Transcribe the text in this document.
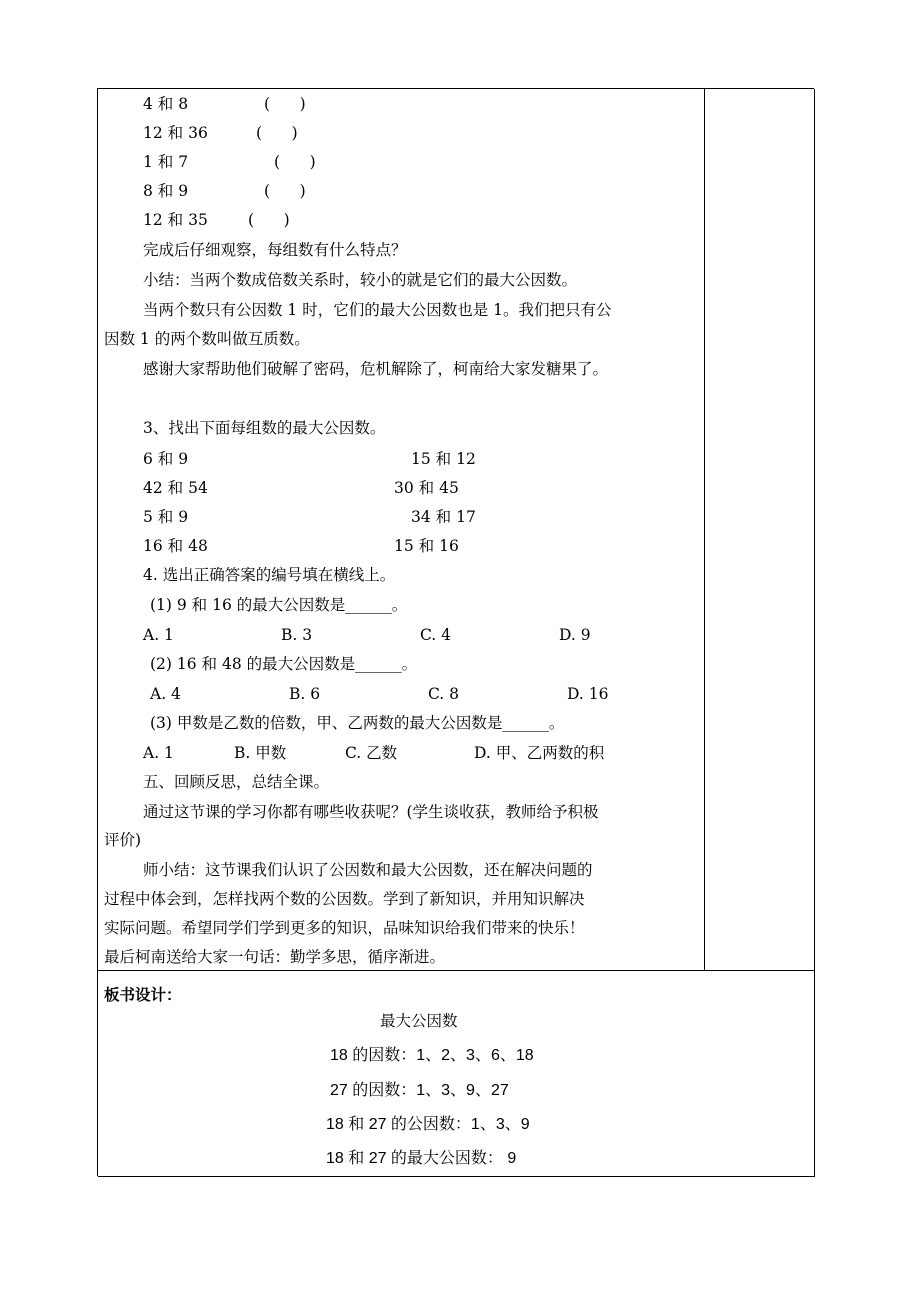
4 和 8	(      )
12 和 36	(      )
1 和 7	(      )
8 和 9	(      )
12 和 35	(      )
完成后仔细观察，每组数有什么特点？
小结：当两个数成倍数关系时，较小的就是它们的最大公因数。
当两个数只有公因数 1 时，它们的最大公因数也是 1。我们把只有公
因数 1 的两个数叫做互质数。
感谢大家帮助他们破解了密码，危机解除了，柯南给大家发糖果了。
3、找出下面每组数的最大公因数。
6 和 9	15 和 12
42 和 54	30 和 45
5 和 9	34 和 17
16 和 48	15 和 16
4. 选出正确答案的编号填在横线上。
(1) 9 和 16 的最大公因数是______。
A. 1	B. 3	C. 4	D. 9
(2) 16 和 48 的最大公因数是______。
A. 4	B. 6	C. 8	D. 16
(3) 甲数是乙数的倍数，甲、乙两数的最大公因数是______。
A. 1	B. 甲数	C. 乙数	D. 甲、乙两数的积
五、回顾反思，总结全课。
通过这节课的学习你都有哪些收获呢？(学生谈收获，教师给予积极
评价)
师小结：这节课我们认识了公因数和最大公因数，还在解决问题的
过程中体会到，怎样找两个数的公因数。学到了新知识，并用知识解决
实际问题。希望同学们学到更多的知识，品味知识给我们带来的快乐！
最后柯南送给大家一句话：勤学多思，循序渐进。
板书设计：
最大公因数
18 的因数：1、2、3、6、18
27 的因数：1、3、9、27
18 和 27 的公因数：1、3、9
18 和 27 的最大公因数： 9
